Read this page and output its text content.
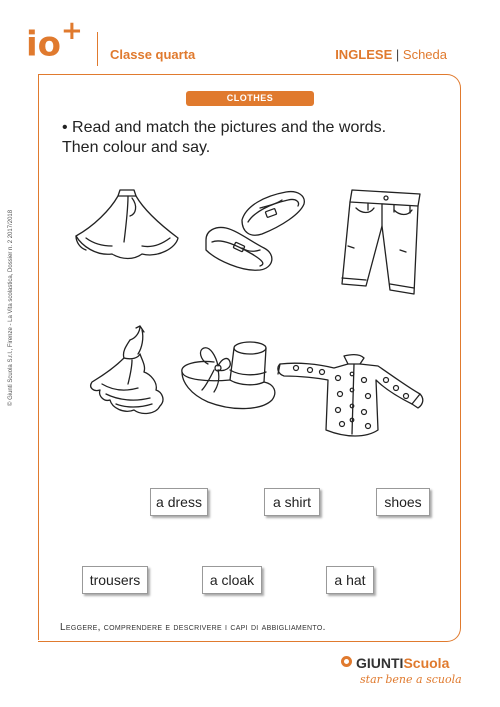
io+
Classe quarta	INGLESE | Scheda
CLOTHES
• Read and match the pictures and the words.
Then colour and say.
a dress	a shirt	shoes
trousers	a cloak	a hat
Leggere, comprendere e descrivere i capi di abbigliamento.
© Giunti Scuola S.r.l., Firenze - La Vita scolastica, Dossier n. 2 2017/2018
GIUNTIScuola
star bene a scuola
